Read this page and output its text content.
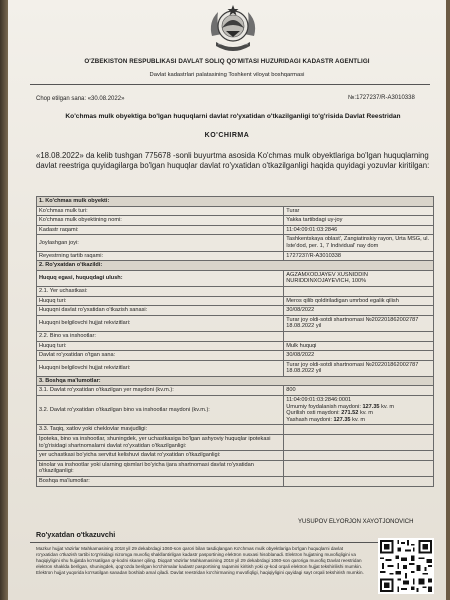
O'ZBEKISTON RESPUBLIKASI DAVLAT SOLIQ QO'MITASI HUZURIDAGI KADASTR AGENTLIGI
Davlat kadastrlari palatasining Toshkent viloyat boshqarmasi
Chop etilgan sana: «30.08.2022»	№:1727237/R-A3010338
Ko'chmas mulk obyektiga bo'lgan huquqlarni davlat ro'yxatidan o'tkazilganligi to'g'risida Davlat Reestridan
KO'CHIRMA
«18.08.2022» da kelib tushgan 775678 -sonli buyurtma asosida Ko'chmas mulk obyektlariga bo'lgan huquqlarning davlat reestriga quyidagilarga bo'lgan huquqlar davlat ro'yxatidan o'tkazilganligi haqida quyidagi yozuvlar kiritilgan:
1. Ko'chmas mulk obyekti:	
Ko'chmas mulk turi:	Turar
Ko'chmas mulk obyektining nomi:	Yakka tartibdagi uy-joy
Kadastr raqami:	11:04:09:01:03:2846
Joylashgan joyi:	Tashkentskaya oblast', Zangiatinskiy rayon, Urta MSG, ul. Iste'dod, per. 1, 7 Individual' nay dom
Reyestrning tartib raqami:	1727237/R-A3010338
2. Ro'yxatdan o'tkazildi:	
Huquq egasi, huquqdagi ulush:	AGZAMXODJAYEV XUSNIDDIN NURIDDINXOJAYEVICH, 100%
2.1. Yer uchastkasi:	
Huquq turi:	Meros qilib qoldiriladigan umrbod egalik qilish
Huquqni davlat ro'yxatidan o'tkazish sanasi:	30/08/2022
Huquqni belgilovchi hujjat rekvizitlari:	Turar joy oldi-sotdi shartnomasi №202201862002787 18.08.2022 yil
2.2. Bino va inshootlar:	
Huquq turi:	Mulk huquqi
Davlat ro'yxatidan o'tgan sana:	30/08/2022
Huquqni belgilovchi hujjat rekvizitlari:	Turar joy oldi-sotdi shartnomasi №202201862002787 18.08.2022 yil
3. Boshqa ma'lumotlar:	
3.1. Davlat ro'yxatidan o'tkazilgan yer maydoni (kv.m.):	800
3.2. Davlat ro'yxatidan o'tkazilgan bino va inshootlar maydoni (kv.m.):	11:04:09:01:03:2846:0001
Umumiy foydalanish maydoni: 127.35 kv. m
Qurilish osti maydoni: 271.52 kv. m
Yashash maydoni: 127.35 kv. m

3.3. Taqiq, xatlov yoki cheklovlar mavjudligi:	
Ipoteka, bino va inshootlar, shuningdek, yer uchastkasiga bo'lgan ashyoviy huquqlar ipotekasi to'g'risidagi shartnomalarni davlat ro'yxatidan o'tkazilganligi:	
yer uchastkasi bo'yicha servitut kelishuvi davlat ro'yxatidan o'tkazilganligi:	
binolar va inshootlar yoki ularning qismlari bo'yicha ijara shartnomasi davlat ro'yxatidan o'tkazilganligi:	
Boshqa ma'lumotlar:	
YUSUPOV ELYORJON XAYOTJONOVICH
Ro'yxatdan o'tkazuvchi
Mazkur hujjat Vazirlar Mahkamasining 2018 yil 29 dekabrdagi 1060-son qarori bilan tasdiqlangan Ko'chmas mulk obyektlariga bo'lgan huquqlarni davlat ro'yxatidan o'tkazish tartibi to'g'risidagi nizomga muvofiq shakllantirilgan kadastr pasportining elektron nusxasi hisoblanadi. Elektron hujjatning muvofiqligini va haqiqiyligini shu hujjatda ko'rsatilgan qr-kodni skaner qiling. Diqqat! Vazirlar Mahkamasining 2018 yil 29 dekabrdagi 1060-son qaroriga muvofiq Davlat reestridan elektron shaklda berilgan, shuningdek, qog'ozda berilgan ko'chirmalar kadastr pasportining raqamini kiritish yoki qr-kod orqali elektron hujjat tekshirilishi mumkin. Elektron hujjat yuqorida ko'rsatilgan sanadan boshlab amal qiladi. Davlat reestridan ko'chirmaning muvofiqligi, haqiqiyligini quyidagi sayt orqali tekshirish mumkin.
